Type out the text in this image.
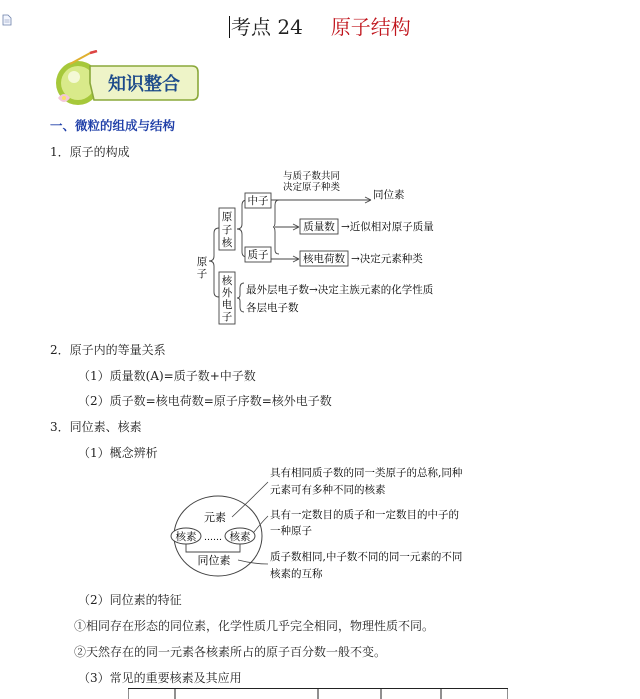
考点 24 原子结构
知识整合
一、微粒的组成与结构
1．原子的构成
原
子
原
子
核
核
外
电
子
中子
质子
与质子数共同
决定原子种类
同位素
质量数 →近似相对原子质量
核电荷数 →决定元素种类
最外层电子数→决定主族元素的化学性质
各层电子数
2．原子内的等量关系
（1）质量数(A)=质子数+中子数
（2）质子数=核电荷数=原子序数=核外电子数
3．同位素、核素
（1）概念辨析
元素
核素	核素
……
同位素
具有相同质子数的同一类原子的总称,同种
元素可有多种不同的核素
具有一定数目的质子和一定数目的中子的
一种原子
质子数相同,中子数不同的同一元素的不同
核素的互称
（2）同位素的特征
①相同存在形态的同位素，化学性质几乎完全相同，物理性质不同。
②天然存在的同一元素各核素所占的原子百分数一般不变。
（3）常见的重要核素及其应用
